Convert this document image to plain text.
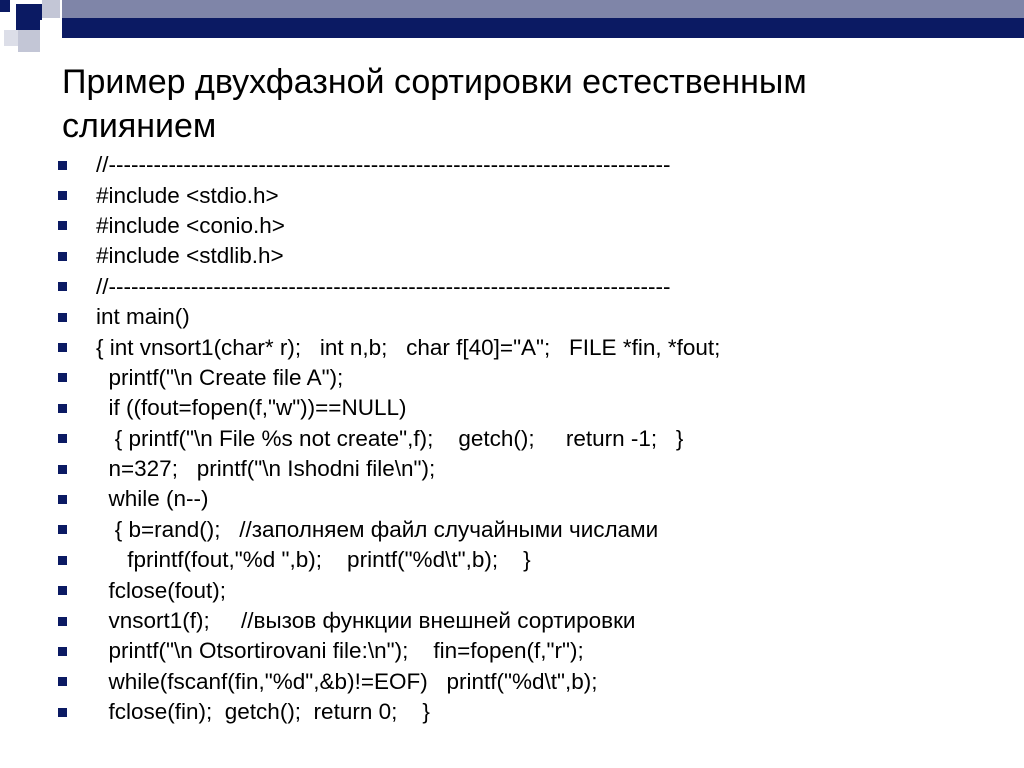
Пример двухфазной сортировки естественным слиянием
//---------------------------------------------------------------------------
#include <stdio.h>
#include <conio.h>
#include <stdlib.h>
//---------------------------------------------------------------------------
int main()
{ int vnsort1(char* r);   int n,b;   char f[40]="A";   FILE *fin, *fout;
printf("\n Create file A");
if ((fout=fopen(f,"w"))==NULL)
{ printf("\n File %s not create",f);    getch();     return -1;   }
n=327;   printf("\n Ishodni file\n");
while (n--)
{ b=rand();   //заполняем файл случайными числами
fprintf(fout,"%d ",b);    printf("%d\t",b);    }
fclose(fout);
vnsort1(f);     //вызов функции внешней сортировки
printf("\n Otsortirovani file:\n");    fin=fopen(f,"r");
while(fscanf(fin,"%d",&b)!=EOF)   printf("%d\t",b);
fclose(fin);  getch();  return 0;    }
